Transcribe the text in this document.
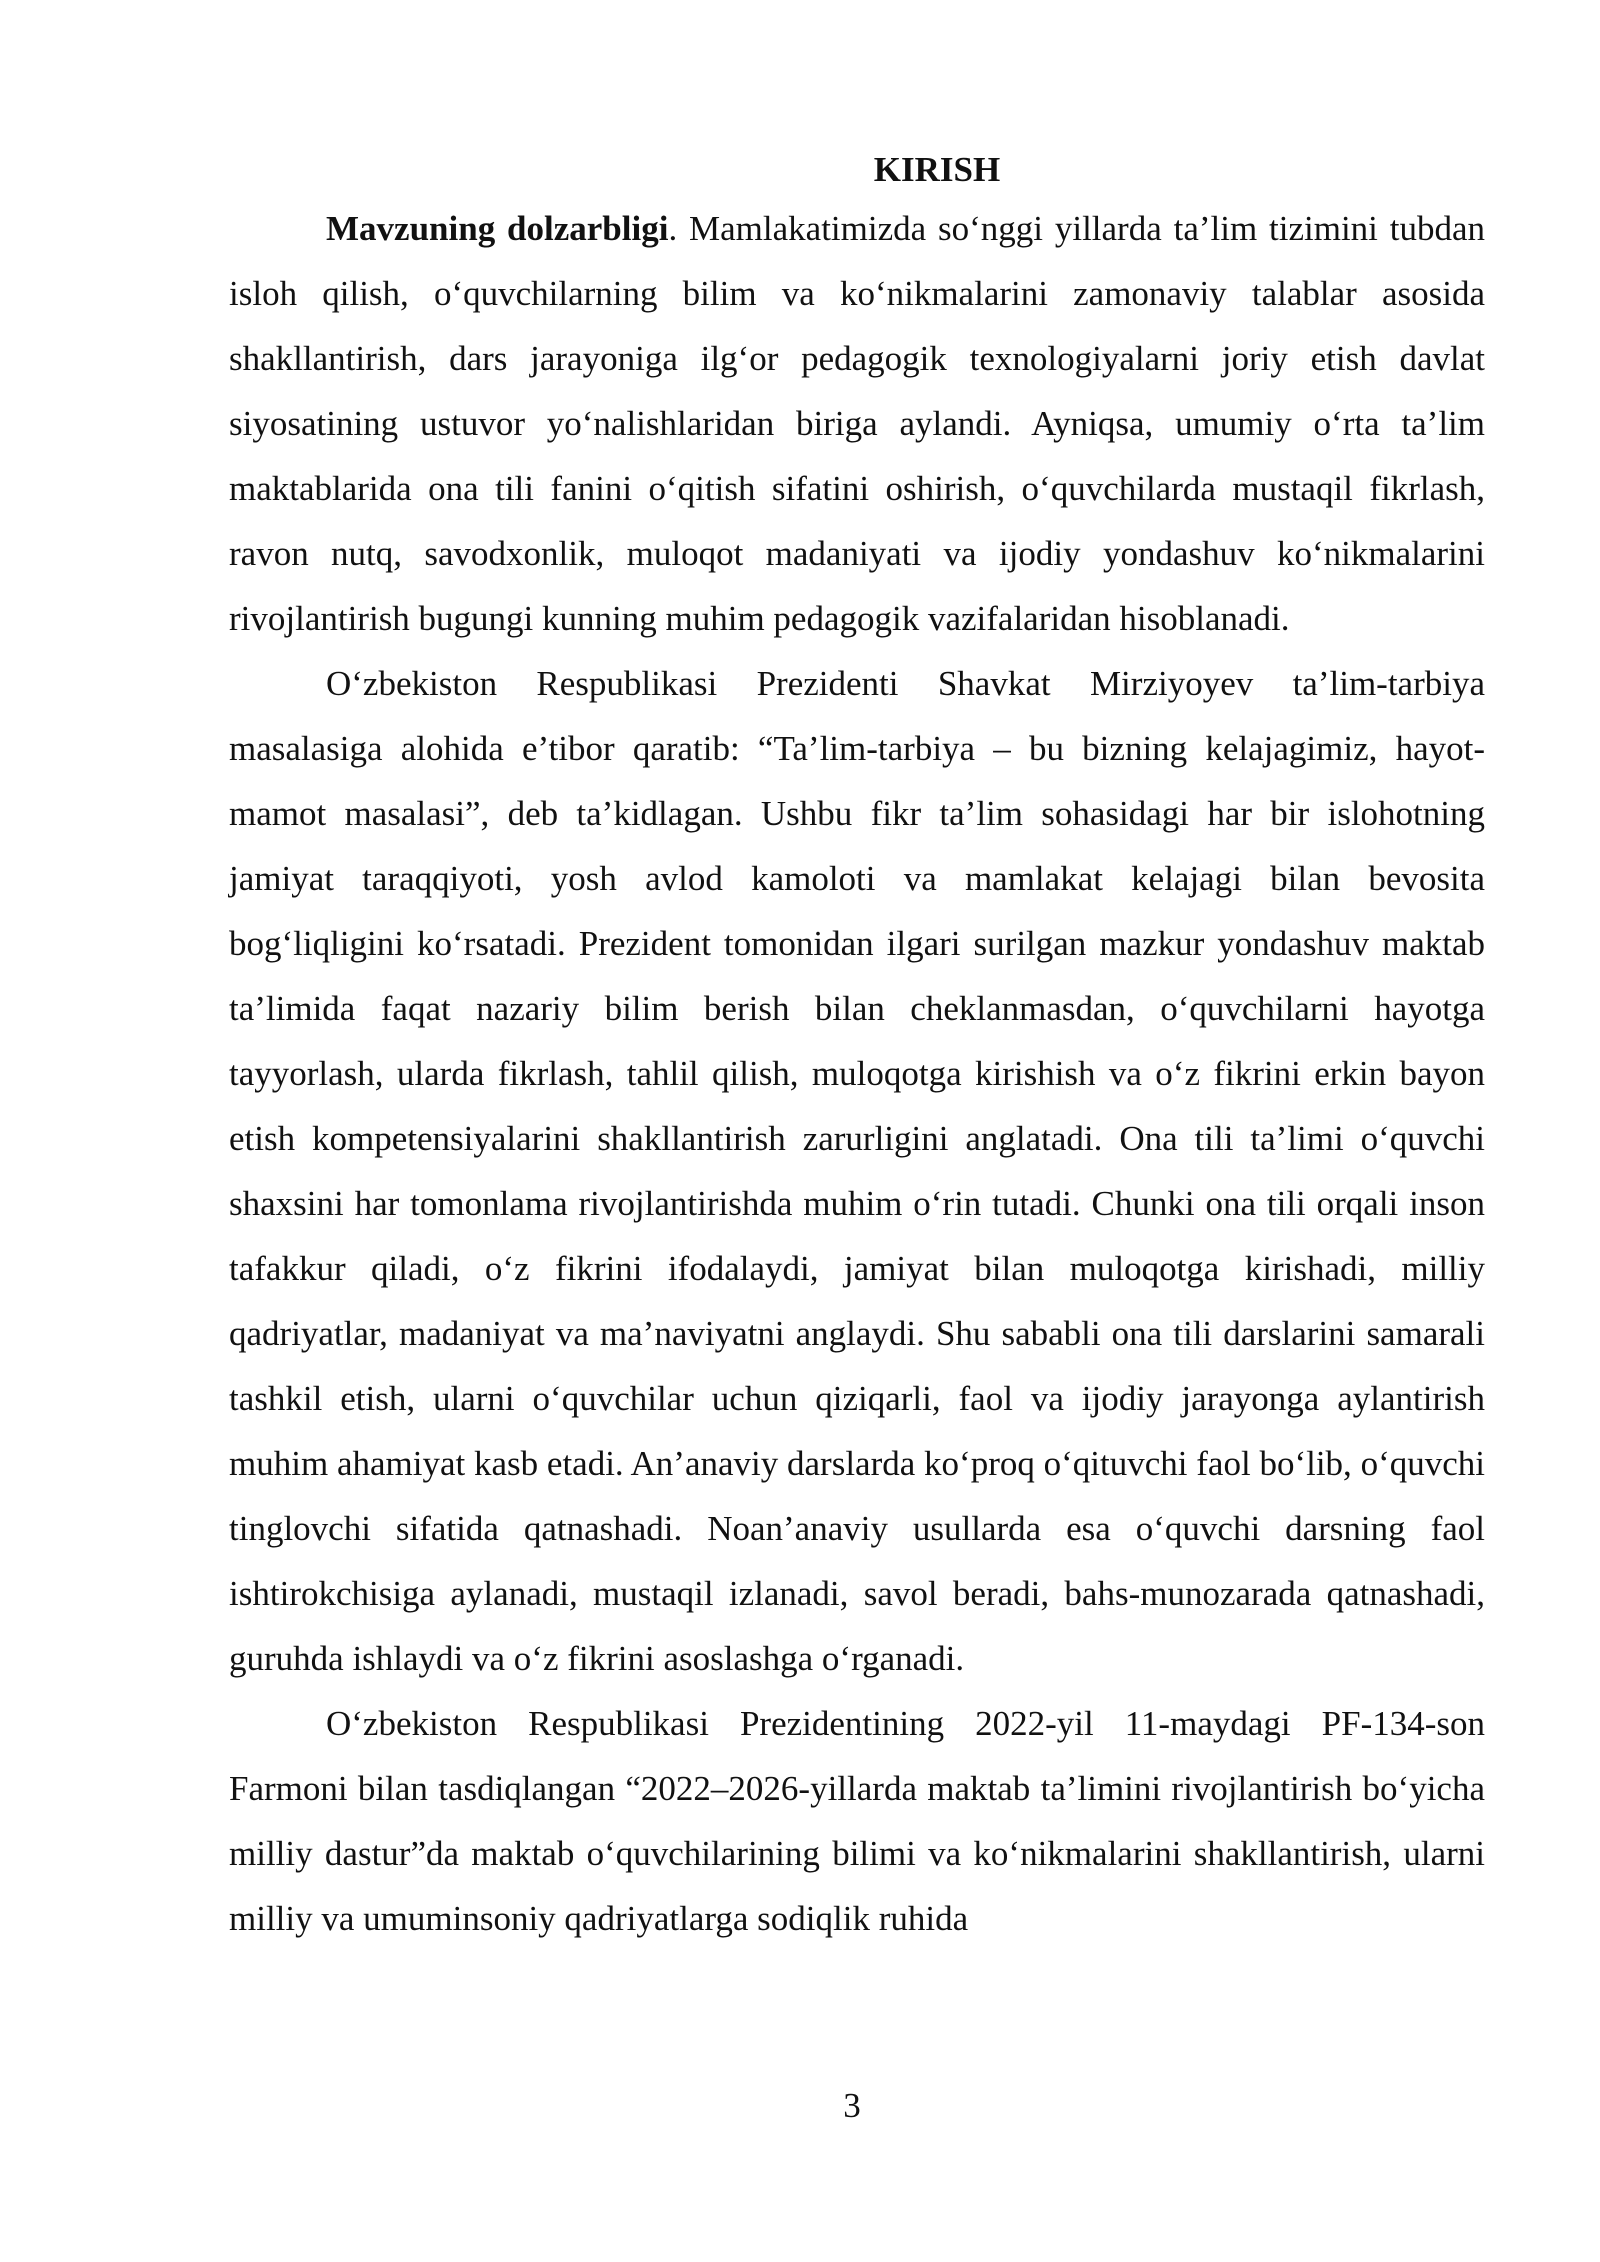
KIRISH

Mavzuning dolzarbligi. Mamlakatimizda so‘nggi yillarda ta’lim tizimini tubdan isloh qilish, o‘quvchilarning bilim va ko‘nikmalarini zamonaviy talablar asosida shakllantirish, dars jarayoniga ilg‘or pedagogik texnologiyalarni joriy etish davlat siyosatining ustuvor yo‘nalishlaridan biriga aylandi. Ayniqsa, umumiy o‘rta ta’lim maktablarida ona tili fanini o‘qitish sifatini oshirish, o‘quvchilarda mustaqil fikrlash, ravon nutq, savodxonlik, muloqot madaniyati va ijodiy yondashuv ko‘nikmalarini rivojlantirish bugungi kunning muhim pedagogik vazifalaridan hisoblanadi.

O‘zbekiston Respublikasi Prezidenti Shavkat Mirziyoyev ta’lim-tarbiya masalasiga alohida e’tibor qaratib: “Ta’lim-tarbiya – bu bizning kelajagimiz, hayot-mamot masalasi”, deb ta’kidlagan. Ushbu fikr ta’lim sohasidagi har bir islohotning jamiyat taraqqiyoti, yosh avlod kamoloti va mamlakat kelajagi bilan bevosita bog‘liqligini ko‘rsatadi. Prezident tomonidan ilgari surilgan mazkur yondashuv maktab ta’limida faqat nazariy bilim berish bilan cheklanmasdan, o‘quvchilarni hayotga tayyorlash, ularda fikrlash, tahlil qilish, muloqotga kirishish va o‘z fikrini erkin bayon etish kompetensiyalarini shakllantirish zarurligini anglatadi. Ona tili ta’limi o‘quvchi shaxsini har tomonlama rivojlantirishda muhim o‘rin tutadi. Chunki ona tili orqali inson tafakkur qiladi, o‘z fikrini ifodalaydi, jamiyat bilan muloqotga kirishadi, milliy qadriyatlar, madaniyat va ma’naviyatni anglaydi. Shu sababli ona tili darslarini samarali tashkil etish, ularni o‘quvchilar uchun qiziqarli, faol va ijodiy jarayonga aylantirish muhim ahamiyat kasb etadi. An’anaviy darslarda ko‘proq o‘qituvchi faol bo‘lib, o‘quvchi tinglovchi sifatida qatnashadi. Noan’anaviy usullarda esa o‘quvchi darsning faol ishtirokchisiga aylanadi, mustaqil izlanadi, savol beradi, bahs-munozarada qatnashadi, guruhda ishlaydi va o‘z fikrini asoslashga o‘rganadi.

O‘zbekiston Respublikasi Prezidentining 2022-yil 11-maydagi PF-134-son Farmoni bilan tasdiqlangan “2022–2026-yillarda maktab ta’limini rivojlantirish bo‘yicha milliy dastur”da maktab o‘quvchilarining bilimi va ko‘nikmalarini shakllantirish, ularni milliy va umuminsoniy qadriyatlarga sodiqlik ruhida

3
